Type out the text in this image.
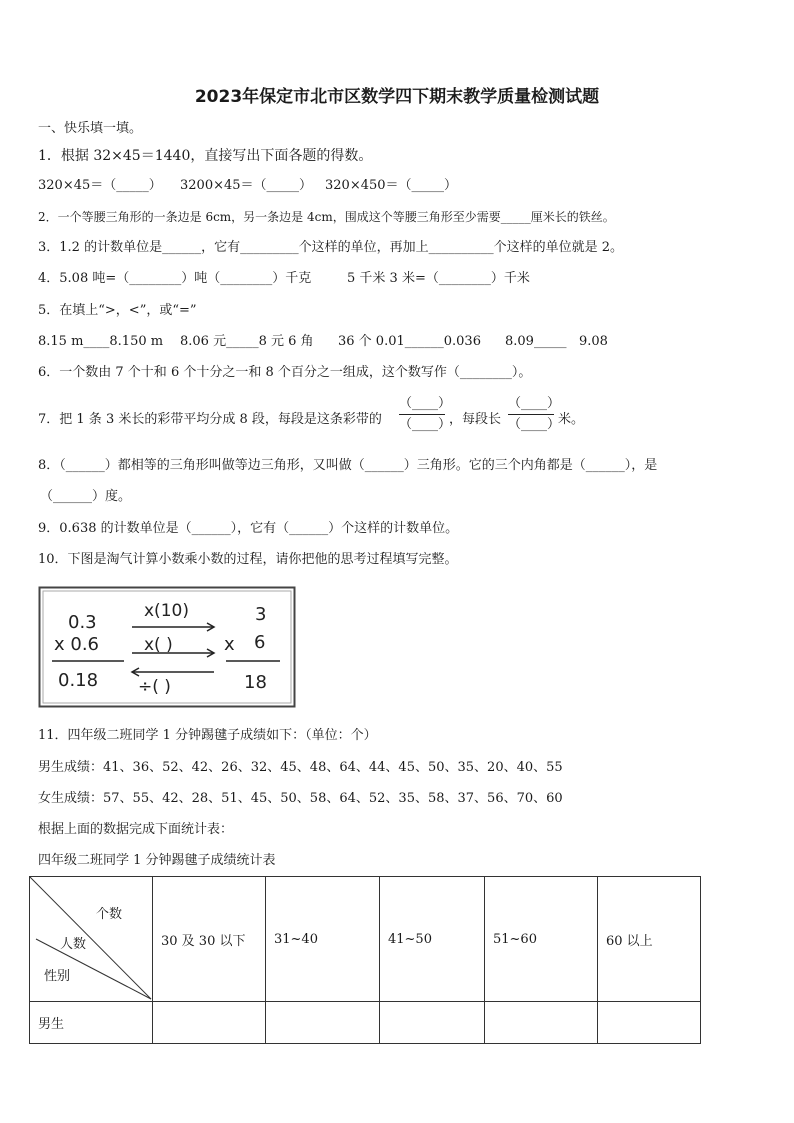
2023年保定市北市区数学四下期末教学质量检测试题
一、快乐填一填。
1．根据 32×45＝1440，直接写出下面各题的得数。
320×45＝（_____） 3200×45＝（_____） 320×450＝（_____）
2．一个等腰三角形的一条边是 6cm，另一条边是 4cm，围成这个等腰三角形至少需要_____厘米长的铁丝。
3．1.2 的计数单位是______，它有_________个这样的单位，再加上__________个这样的单位就是 2。
4．5.08 吨=（________）吨（________）千克	5 千米 3 米=（________）千米
5．在填上“>，<”，或“=”
8.15 m____8.150 m 8.06 元_____8 元 6 角 36 个 0.01______0.036 8.09_____ 9.08
6．一个数由 7 个十和 6 个十分之一和 8 个百分之一组成，这个数写作（________）。
7．把 1 条 3 米长的彩带平均分成 8 段，每段是这条彩带的
（____）
（____）
，每段长
（____）
（____）
米。
8．（______）都相等的三角形叫做等边三角形，又叫做（______）三角形。它的三个内角都是（______），是
（______）度。
9．0.638 的计数单位是（______），它有（______）个这样的计数单位。
10．下图是淘气计算小数乘小数的过程，请你把他的思考过程填写完整。
0.3
x 0.6
0.18
x(10)
x( )
÷( )
3
x 6
18
11．四年级二班同学 1 分钟踢毽子成绩如下：（单位：个）
男生成绩：41、36、52、42、26、32、45、48、64、44、45、50、35、20、40、55
女生成绩：57、55、42、28、51、45、50、58、64、52、35、58、37、56、70、60
根据上面的数据完成下面统计表：
四年级二班同学 1 分钟踢毽子成绩统计表
个数
人数
性别	30 及 30 以下	31~40	41~50	51~60	60 以上
男生					
